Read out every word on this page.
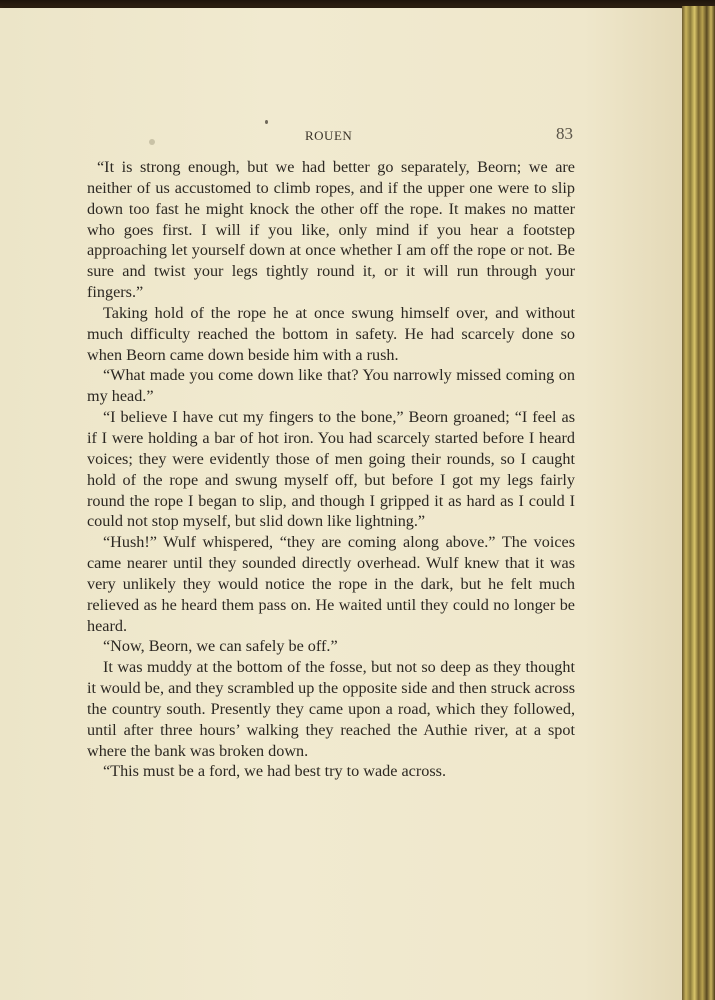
ROUEN	83

“It is strong enough, but we had better go separately, Beorn; we are neither of us accustomed to climb ropes, and if the upper one were to slip down too fast he might knock the other off the rope. It makes no matter who goes first. I will if you like, only mind if you hear a footstep approaching let yourself down at once whether I am off the rope or not. Be sure and twist your legs tightly round it, or it will run through your fingers.”

Taking hold of the rope he at once swung himself over, and without much difficulty reached the bottom in safety. He had scarcely done so when Beorn came down beside him with a rush.

“What made you come down like that? You narrowly missed coming on my head.”

“I believe I have cut my fingers to the bone,” Beorn groaned; “I feel as if I were holding a bar of hot iron. You had scarcely started before I heard voices; they were evidently those of men going their rounds, so I caught hold of the rope and swung myself off, but before I got my legs fairly round the rope I began to slip, and though I gripped it as hard as I could I could not stop myself, but slid down like lightning.”

“Hush!” Wulf whispered, “they are coming along above.” The voices came nearer until they sounded directly overhead. Wulf knew that it was very unlikely they would notice the rope in the dark, but he felt much relieved as he heard them pass on. He waited until they could no longer be heard.

“Now, Beorn, we can safely be off.”

It was muddy at the bottom of the fosse, but not so deep as they thought it would be, and they scrambled up the opposite side and then struck across the country south. Presently they came upon a road, which they followed, until after three hours’ walking they reached the Authie river, at a spot where the bank was broken down.

“This must be a ford, we had best try to wade across.
